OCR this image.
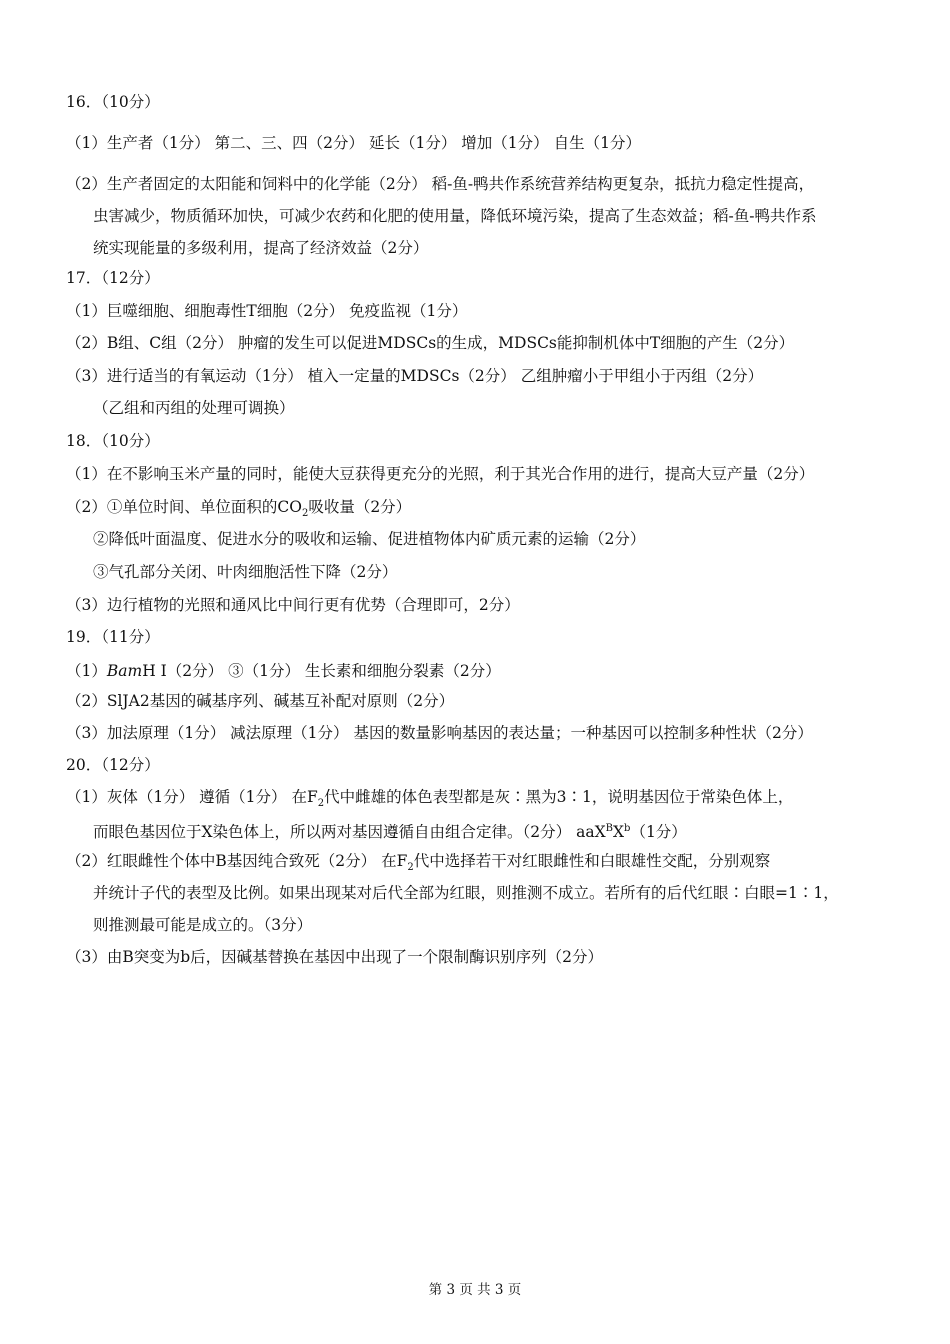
16．（10分）
（1）生产者（1分） 第二、三、四（2分） 延长（1分） 增加（1分） 自生（1分）
（2）生产者固定的太阳能和饲料中的化学能（2分） 稻-鱼-鸭共作系统营养结构更复杂，抵抗力稳定性提高，
虫害减少，物质循环加快，可减少农药和化肥的使用量，降低环境污染，提高了生态效益；稻-鱼-鸭共作系
统实现能量的多级利用，提高了经济效益（2分）
17．（12分）
（1）巨噬细胞、细胞毒性T细胞（2分） 免疫监视（1分）
（2）B组、C组（2分） 肿瘤的发生可以促进MDSCs的生成，MDSCs能抑制机体中T细胞的产生（2分）
（3）进行适当的有氧运动（1分） 植入一定量的MDSCs（2分） 乙组肿瘤小于甲组小于丙组（2分）
（乙组和丙组的处理可调换）
18．（10分）
（1）在不影响玉米产量的同时，能使大豆获得更充分的光照，利于其光合作用的进行，提高大豆产量（2分）
（2）①单位时间、单位面积的$CO_2$吸收量（2分）
②降低叶面温度、促进水分的吸收和运输、促进植物体内矿质元素的运输（2分）
③气孔部分关闭、叶肉细胞活性下降（2分）
（3）边行植物的光照和通风比中间行更有优势（合理即可，2分）
19．（11分）
（1）BamH I（2分） ③（1分） 生长素和细胞分裂素（2分）
（2）SlJA2基因的碱基序列、碱基互补配对原则（2分）
（3）加法原理（1分） 减法原理（1分） 基因的数量影响基因的表达量；一种基因可以控制多种性状（2分）
20．（12分）
（1）灰体（1分） 遵循（1分） 在$F_2$代中雌雄的体色表型都是灰∶黑为3∶1，说明基因位于常染色体上，
而眼色基因位于X染色体上，所以两对基因遵循自由组合定律。（2分） $aaX^BX^b(1$分）
（2）红眼雌性个体中B基因纯合致死（2分） 在$F_2$代中选择若干对红眼雌性和白眼雄性交配，分别观察
并统计子代的表型及比例。如果出现某对后代全部为红眼，则推测不成立。若所有的后代红眼∶白眼=1∶1，
则推测最可能是成立的。（3分）
（3）由B突变为b后，因碱基替换在基因中出现了一个限制酶识别序列（2分）
第 3 页 共 3 页
